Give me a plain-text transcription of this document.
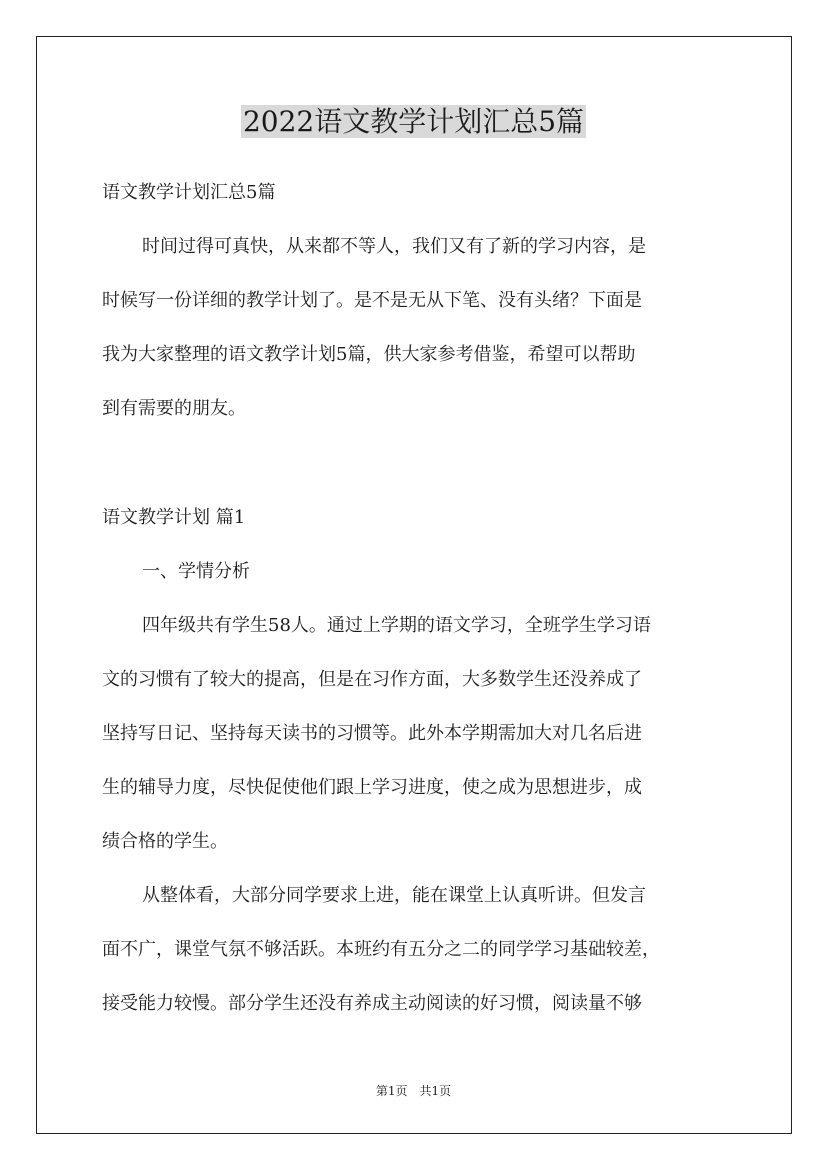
2022语文教学计划汇总5篇
语文教学计划汇总5篇
时间过得可真快，从来都不等人，我们又有了新的学习内容，是
时候写一份详细的教学计划了。是不是无从下笔、没有头绪？下面是
我为大家整理的语文教学计划5篇，供大家参考借鉴，希望可以帮助
到有需要的朋友。
语文教学计划 篇1
一、学情分析
四年级共有学生58人。通过上学期的语文学习，全班学生学习语
文的习惯有了较大的提高，但是在习作方面，大多数学生还没养成了
坚持写日记、坚持每天读书的习惯等。此外本学期需加大对几名后进
生的辅导力度，尽快促使他们跟上学习进度，使之成为思想进步，成
绩合格的学生。
从整体看，大部分同学要求上进，能在课堂上认真听讲。但发言
面不广，课堂气氛不够活跃。本班约有五分之二的同学学习基础较差，
接受能力较慢。部分学生还没有养成主动阅读的好习惯，阅读量不够
第1页　共1页
